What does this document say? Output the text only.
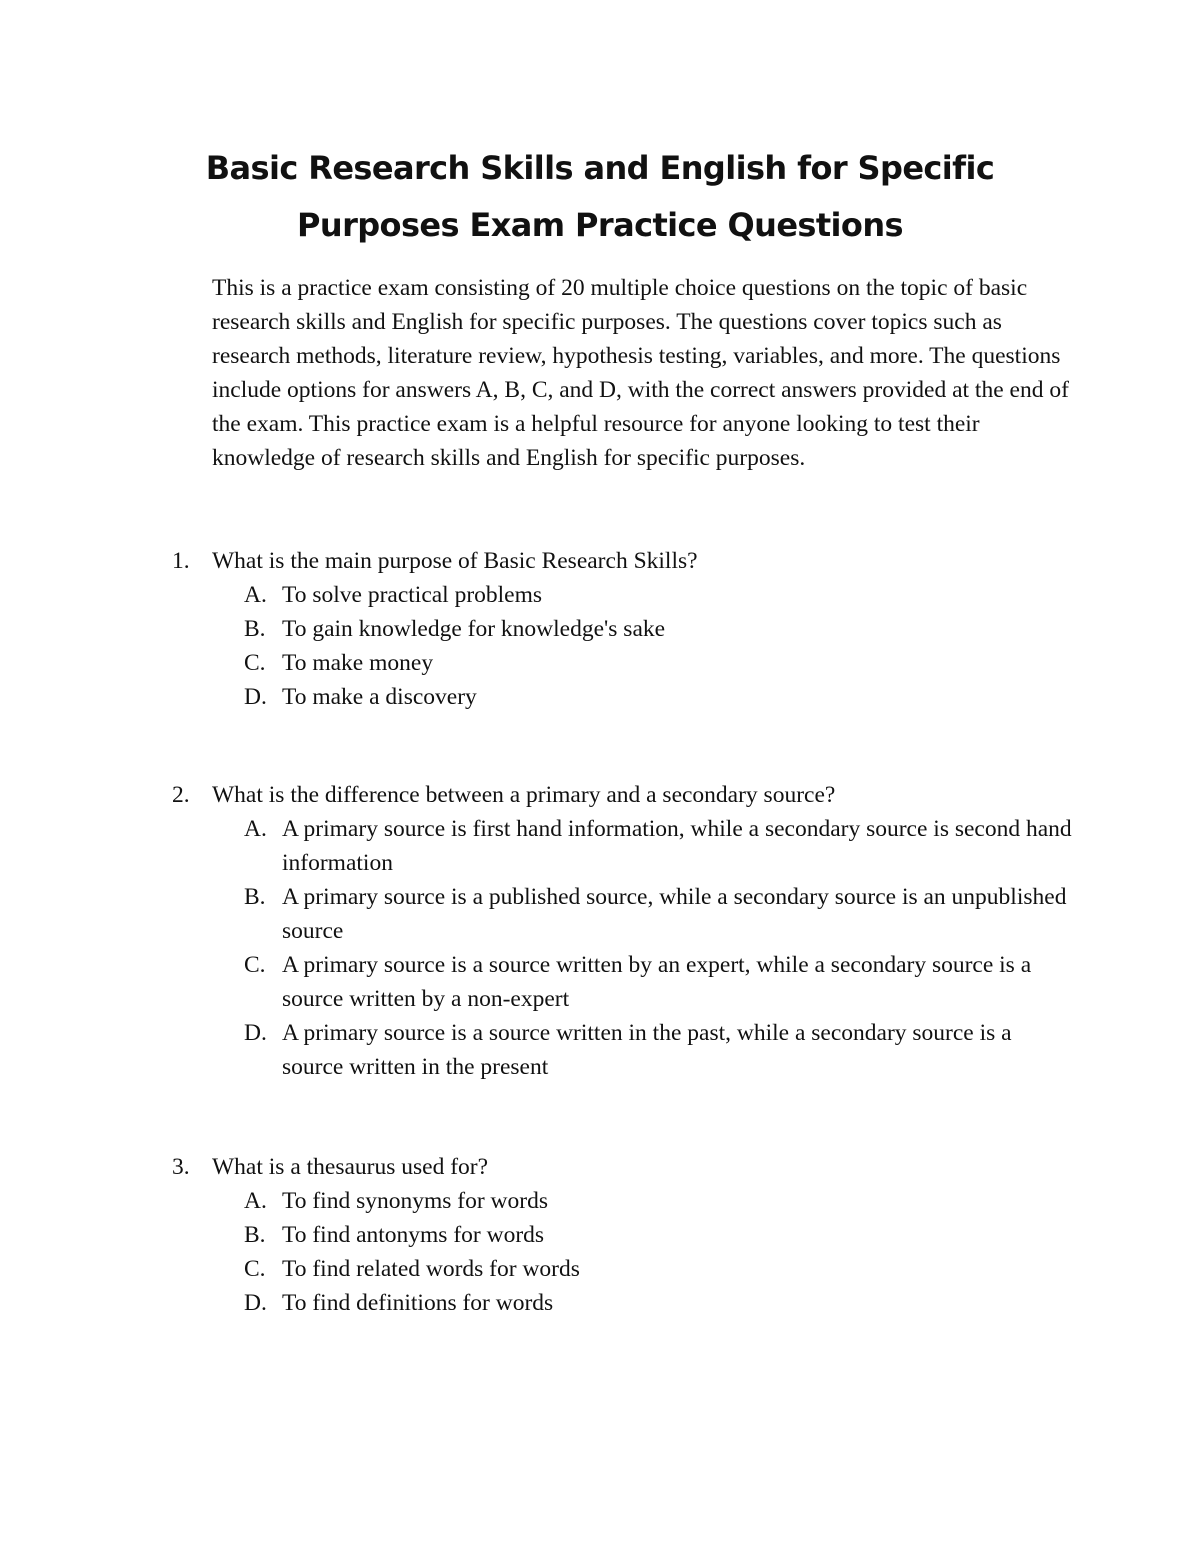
Basic Research Skills and English for Specific
Purposes Exam Practice Questions

This is a practice exam consisting of 20 multiple choice questions on the topic of basic research skills and English for specific purposes. The questions cover topics such as research methods, literature review, hypothesis testing, variables, and more. The questions include options for answers A, B, C, and D, with the correct answers provided at the end of the exam. This practice exam is a helpful resource for anyone looking to test their knowledge of research skills and English for specific purposes.

1. What is the main purpose of Basic Research Skills?
A. To solve practical problems
B. To gain knowledge for knowledge's sake
C. To make money
D. To make a discovery
2. What is the difference between a primary and a secondary source?
A. A primary source is first hand information, while a secondary source is second hand information
B. A primary source is a published source, while a secondary source is an unpublished source
C. A primary source is a source written by an expert, while a secondary source is a source written by a non-expert
D. A primary source is a source written in the past, while a secondary source is a source written in the present
3. What is a thesaurus used for?
A. To find synonyms for words
B. To find antonyms for words
C. To find related words for words
D. To find definitions for words
